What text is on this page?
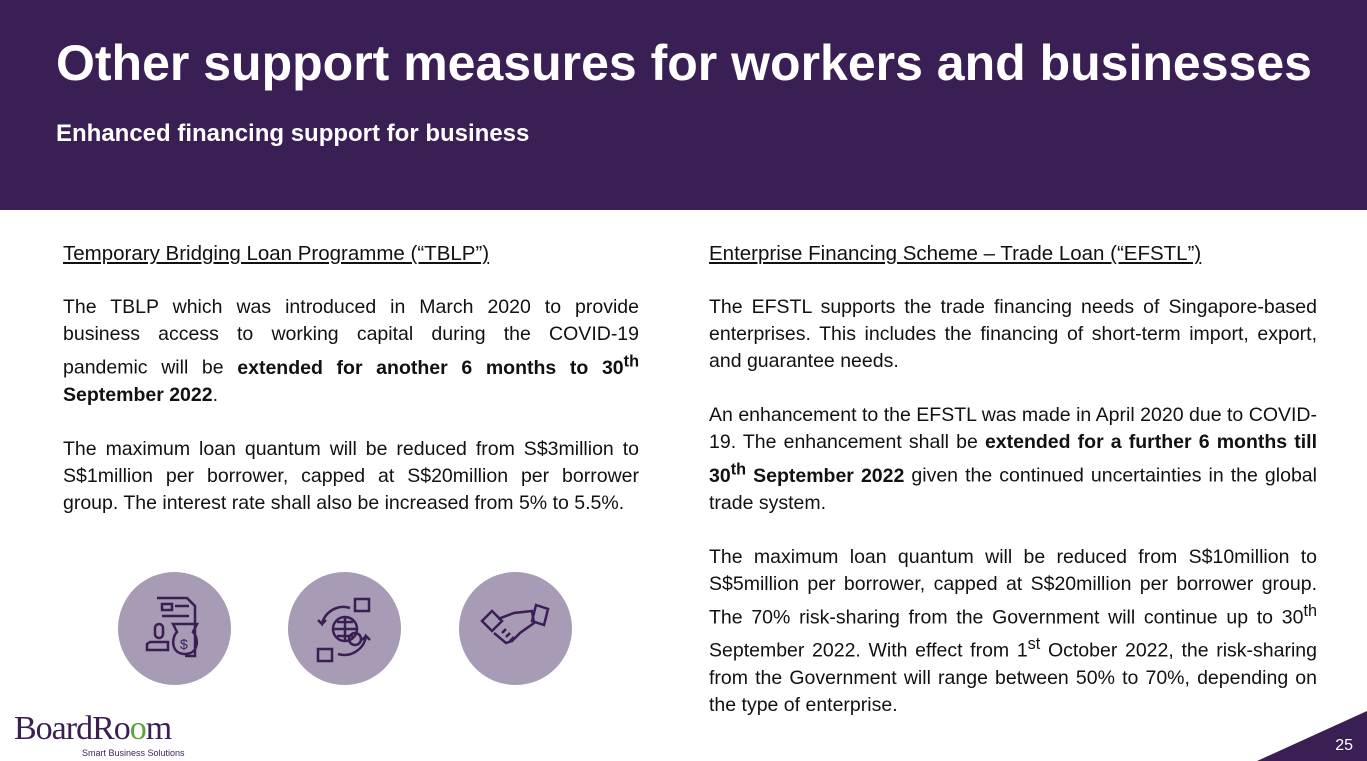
Other support measures for workers and businesses
Enhanced financing support for business
Temporary Bridging Loan Programme (“TBLP”)

The TBLP which was introduced in March 2020 to provide business access to working capital during the COVID-19 pandemic will be extended for another 6 months to 30th September 2022.

The maximum loan quantum will be reduced from S$3million to S$1million per borrower, capped at S$20million per borrower group. The interest rate shall also be increased from 5% to 5.5%.

Enterprise Financing Scheme – Trade Loan (“EFSTL”)

The EFSTL supports the trade financing needs of Singapore-based enterprises. This includes the financing of short-term import, export, and guarantee needs.

An enhancement to the EFSTL was made in April 2020 due to COVID-19. The enhancement shall be extended for a further 6 months till 30th September 2022 given the continued uncertainties in the global trade system.

The maximum loan quantum will be reduced from S$10million to S$5million per borrower, capped at S$20million per borrower group. The 70% risk-sharing from the Government will continue up to 30th September 2022. With effect from 1st October 2022, the risk-sharing from the Government will range between 50% to 70%, depending on the type of enterprise.

$
BoardRoom
Smart Business Solutions	25
